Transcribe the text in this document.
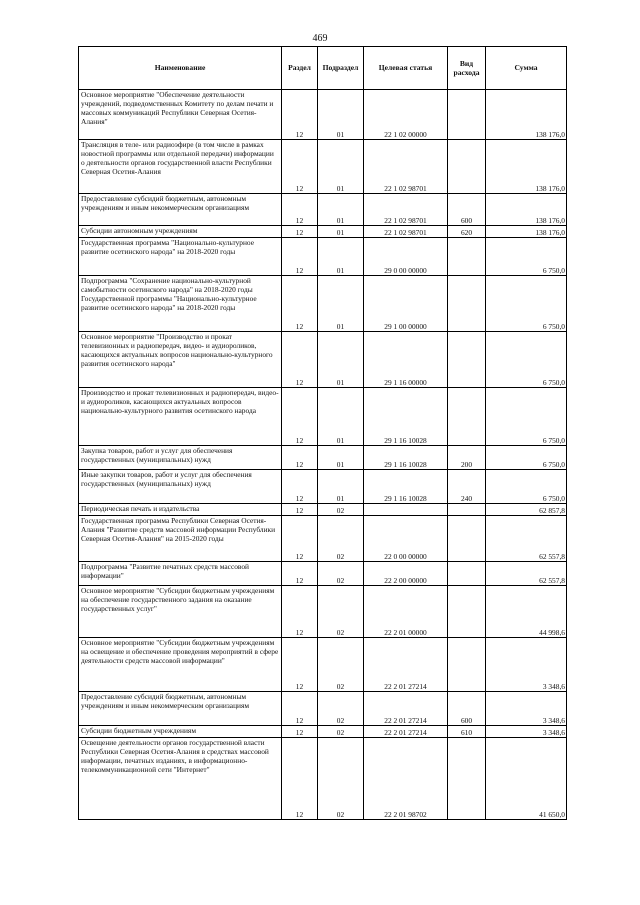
469
Наименование	Раздел	Подраздел	Целевая статья	Вид расхода	Сумма
Основное мероприятие "Обеспечение деятельности учреждений, подведомственных Комитету по делам печати и массовых коммуникаций Республики Северная Осетия-Алания"	12	01	22 1 02 00000		138 176,0
Трансляция в теле- или радиоэфире (в том числе в рамках новостной программы или отдельной передачи) информации о деятельности органов государственной власти Республики Северная Осетия-Алания	12	01	22 1 02 98701		138 176,0
Предоставление субсидий бюджетным, автономным учреждениям и иным некоммерческим организациям	12	01	22 1 02 98701	600	138 176,0
Субсидии автономным учреждениям	12	01	22 1 02 98701	620	138 176,0
Государственная программа "Национально-культурное развитие осетинского народа" на 2018-2020 годы	12	01	29 0 00 00000		6 750,0
Подпрограмма "Сохранение национально-культурной самобытности осетинского народа" на 2018-2020 годы Государственной программы "Национально-культурное развитие осетинского народа" на 2018-2020 годы	12	01	29 1 00 00000		6 750,0
Основное мероприятие "Производство и прокат телевизионных и радиопередач, видео- и аудиороликов, касающихся актуальных вопросов национально-культурного развития осетинского народа"	12	01	29 1 16 00000		6 750,0
Производство и прокат телевизионных и радиопередач, видео- и аудиороликов, касающихся актуальных вопросов национально-культурного развития осетинского народа	12	01	29 1 16 10028		6 750,0
Закупка товаров, работ и услуг для обеспечения государственных (муниципальных) нужд	12	01	29 1 16 10028	200	6 750,0
Иные закупки товаров, работ и услуг для обеспечения государственных (муниципальных) нужд	12	01	29 1 16 10028	240	6 750,0
Периодическая печать и издательства	12	02			62 857,8
Государственная программа Республики Северная Осетия-Алания "Развитие средств массовой информации Республики Северная Осетия-Алания" на 2015-2020 годы	12	02	22 0 00 00000		62 557,8
Подпрограмма "Развитие печатных средств массовой информации"	12	02	22 2 00 00000		62 557,8
Основное мероприятие "Субсидии бюджетным учреждениям на обеспечение государственного задания на оказание государственных услуг"	12	02	22 2 01 00000		44 998,6
Основное мероприятие "Субсидии бюджетным учреждениям на освещение и обеспечение проведения мероприятий в сфере деятельности средств массовой информации"	12	02	22 2 01 27214		3 348,6
Предоставление субсидий бюджетным, автономным учреждениям и иным некоммерческим организациям	12	02	22 2 01 27214	600	3 348,6
Субсидии бюджетным учреждениям	12	02	22 2 01 27214	610	3 348,6
Освещение деятельности органов государственной власти Республики Северная Осетия-Алания в средствах массовой информации, печатных изданиях, в информационно-телекоммуникационной сети "Интернет"	12	02	22 2 01 98702		41 650,0
